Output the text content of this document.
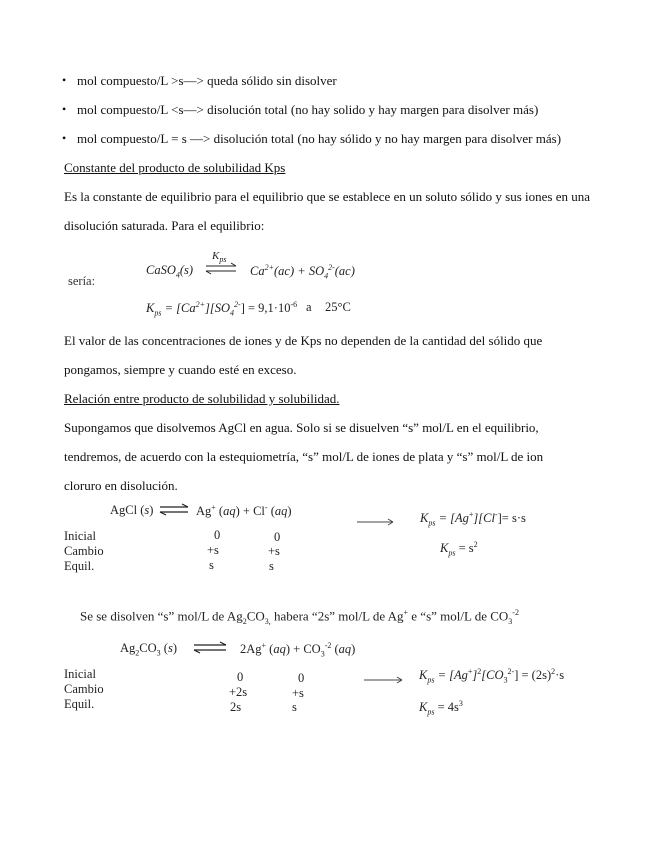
• mol compuesto/L >s—> queda sólido sin disolver
• mol compuesto/L <s—> disolución total (no hay solido y hay margen para disolver más)
• mol compuesto/L = s —> disolución total (no hay sólido y no hay margen para disolver más)
Constante del producto de solubilidad Kps
Es la constante de equilibrio para el equilibrio que se establece en un soluto sólido y sus iones en una
disolución saturada. Para el equilibrio:
sería:
CaSO$_4$(s)
$K_{ps}$
⇌ $Ca^{2+}(ac) + SO_4^{2-}(ac)$
$K_{ps} = [Ca^{2+}][SO_4^{2-}] = 9,1\cdot 10^{-6}$ a 25°C
El valor de las concentraciones de iones y de Kps no dependen de la cantidad del sólido que
pongamos, siempre y cuando esté en exceso.
Relación entre producto de solubilidad y solubilidad.
Supongamos que disolvemos AgCl en agua. Solo si se disuelven “s” mol/L en el equilibrio,
tendremos, de acuerdo con la estequiometría, “s” mol/L de iones de plata y “s” mol/L de ion
cloruro en disolución.
AgCl (s) ⇌ Ag+ (aq) + Cl- (aq)
Inicial
Cambio
Equil.
0
+s
s
0
+s
s
$K_{ps} = [Ag^+][Cl^-]= s\cdot s$
$K_{ps} = s^2$
Se se disolven “s” mol/L de $Ag_2CO_{3,}$ habera “2s” mol/L de Ag+ e “s” mol/L de $CO_3^{-2}$
$Ag_2CO_3$ (s) ⇌ 2Ag+ $(aq) + CO_3^{-2}$ (aq)
Inicial
Cambio
Equil.
0
+2s
2s
0
+s
s
$K_{ps} = [Ag^+]^2[CO_3^{2-}] = (2s)^2\cdot s$
$K_{ps} = 4s^3$
